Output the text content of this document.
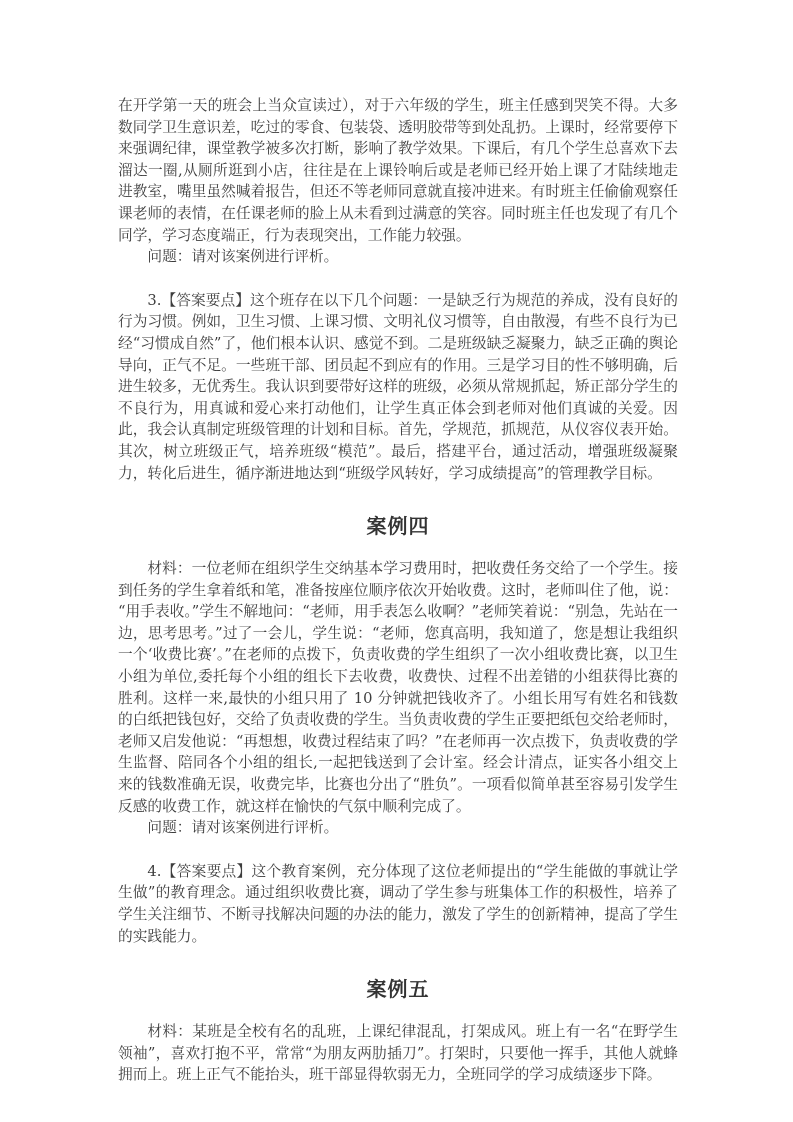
在开学第一天的班会上当众宣读过），对于六年级的学生，班主任感到哭笑不得。大多数同学卫生意识差，吃过的零食、包装袋、透明胶带等到处乱扔。上课时，经常要停下来强调纪律，课堂教学被多次打断，影响了教学效果。下课后，有几个学生总喜欢下去溜达一圈,从厕所逛到小店，往往是在上课铃响后或是老师已经开始上课了才陆续地走进教室，嘴里虽然喊着报告，但还不等老师同意就直接冲进来。有时班主任偷偷观察任课老师的表情，在任课老师的脸上从未看到过满意的笑容。同时班主任也发现了有几个同学，学习态度端正，行为表现突出，工作能力较强。

问题：请对该案例进行评析。

3.【答案要点】这个班存在以下几个问题：一是缺乏行为规范的养成，没有良好的行为习惯。例如，卫生习惯、上课习惯、文明礼仪习惯等，自由散漫，有些不良行为已经“习惯成自然”了，他们根本认识、感觉不到。二是班级缺乏凝聚力，缺乏正确的舆论导向，正气不足。一些班干部、团员起不到应有的作用。三是学习目的性不够明确，后进生较多，无优秀生。我认识到要带好这样的班级，必须从常规抓起，矫正部分学生的不良行为，用真诚和爱心来打动他们，让学生真正体会到老师对他们真诚的关爱。因此，我会认真制定班级管理的计划和目标。首先，学规范，抓规范，从仪容仪表开始。其次，树立班级正气，培养班级“模范”。最后，搭建平台，通过活动，增强班级凝聚力，转化后进生，循序渐进地达到“班级学风转好，学习成绩提高”的管理教学目标。

案例四

材料：一位老师在组织学生交纳基本学习费用时，把收费任务交给了一个学生。接到任务的学生拿着纸和笔，准备按座位顺序依次开始收费。这时，老师叫住了他，说：“用手表收。”学生不解地问：“老师，用手表怎么收啊？”老师笑着说：“别急，先站在一边，思考思考。”过了一会儿，学生说：“老师，您真高明，我知道了，您是想让我组织一个‘收费比赛’。”在老师的点拨下，负责收费的学生组织了一次小组收费比赛，以卫生小组为单位,委托每个小组的组长下去收费，收费快、过程不出差错的小组获得比赛的胜利。这样一来,最快的小组只用了 10 分钟就把钱收齐了。小组长用写有姓名和钱数的白纸把钱包好，交给了负责收费的学生。当负责收费的学生正要把纸包交给老师时，老师又启发他说：“再想想，收费过程结束了吗？”在老师再一次点拨下，负责收费的学生监督、陪同各个小组的组长,一起把钱送到了会计室。经会计清点，证实各小组交上来的钱数准确无误，收费完毕，比赛也分出了“胜负”。一项看似简单甚至容易引发学生反感的收费工作，就这样在愉快的气氛中顺利完成了。

问题：请对该案例进行评析。

4.【答案要点】这个教育案例，充分体现了这位老师提出的“学生能做的事就让学生做”的教育理念。通过组织收费比赛，调动了学生参与班集体工作的积极性，培养了学生关注细节、不断寻找解决问题的办法的能力，激发了学生的创新精神，提高了学生的实践能力。

案例五

材料：某班是全校有名的乱班，上课纪律混乱，打架成风。班上有一名“在野学生领袖”，喜欢打抱不平，常常“为朋友两肋插刀”。打架时，只要他一挥手，其他人就蜂拥而上。班上正气不能抬头，班干部显得软弱无力，全班同学的学习成绩逐步下降。
